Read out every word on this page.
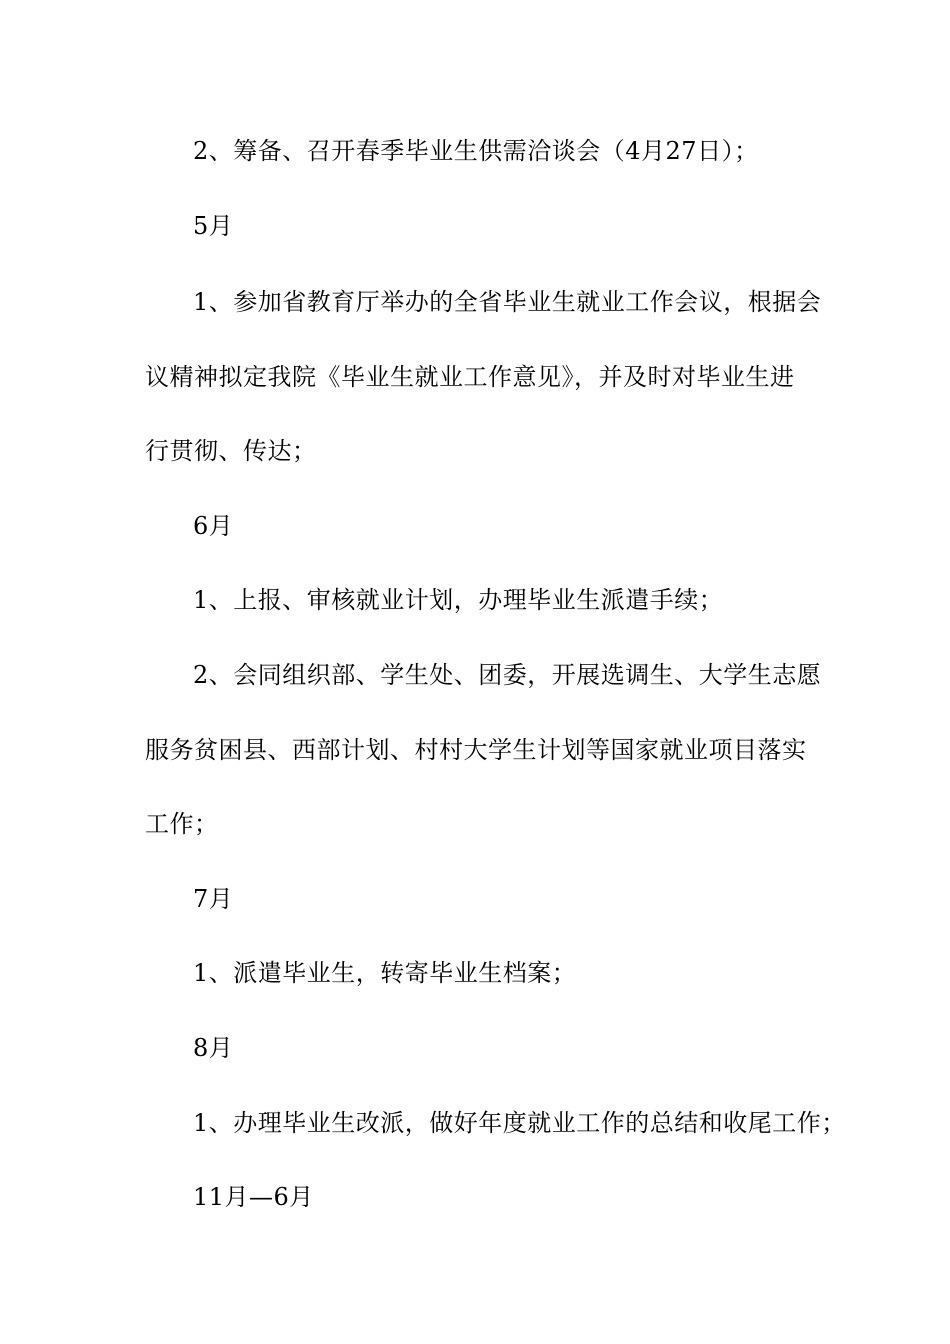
2、筹备、召开春季毕业生供需洽谈会（4月27日）；
5月
1、参加省教育厅举办的全省毕业生就业工作会议，根据会
议精神拟定我院《毕业生就业工作意见》，并及时对毕业生进
行贯彻、传达；
6月
1、上报、审核就业计划，办理毕业生派遣手续；
2、会同组织部、学生处、团委，开展选调生、大学生志愿
服务贫困县、西部计划、村村大学生计划等国家就业项目落实
工作；
7月
1、派遣毕业生，转寄毕业生档案；
8月
1、办理毕业生改派，做好年度就业工作的总结和收尾工作；
11月—6月
